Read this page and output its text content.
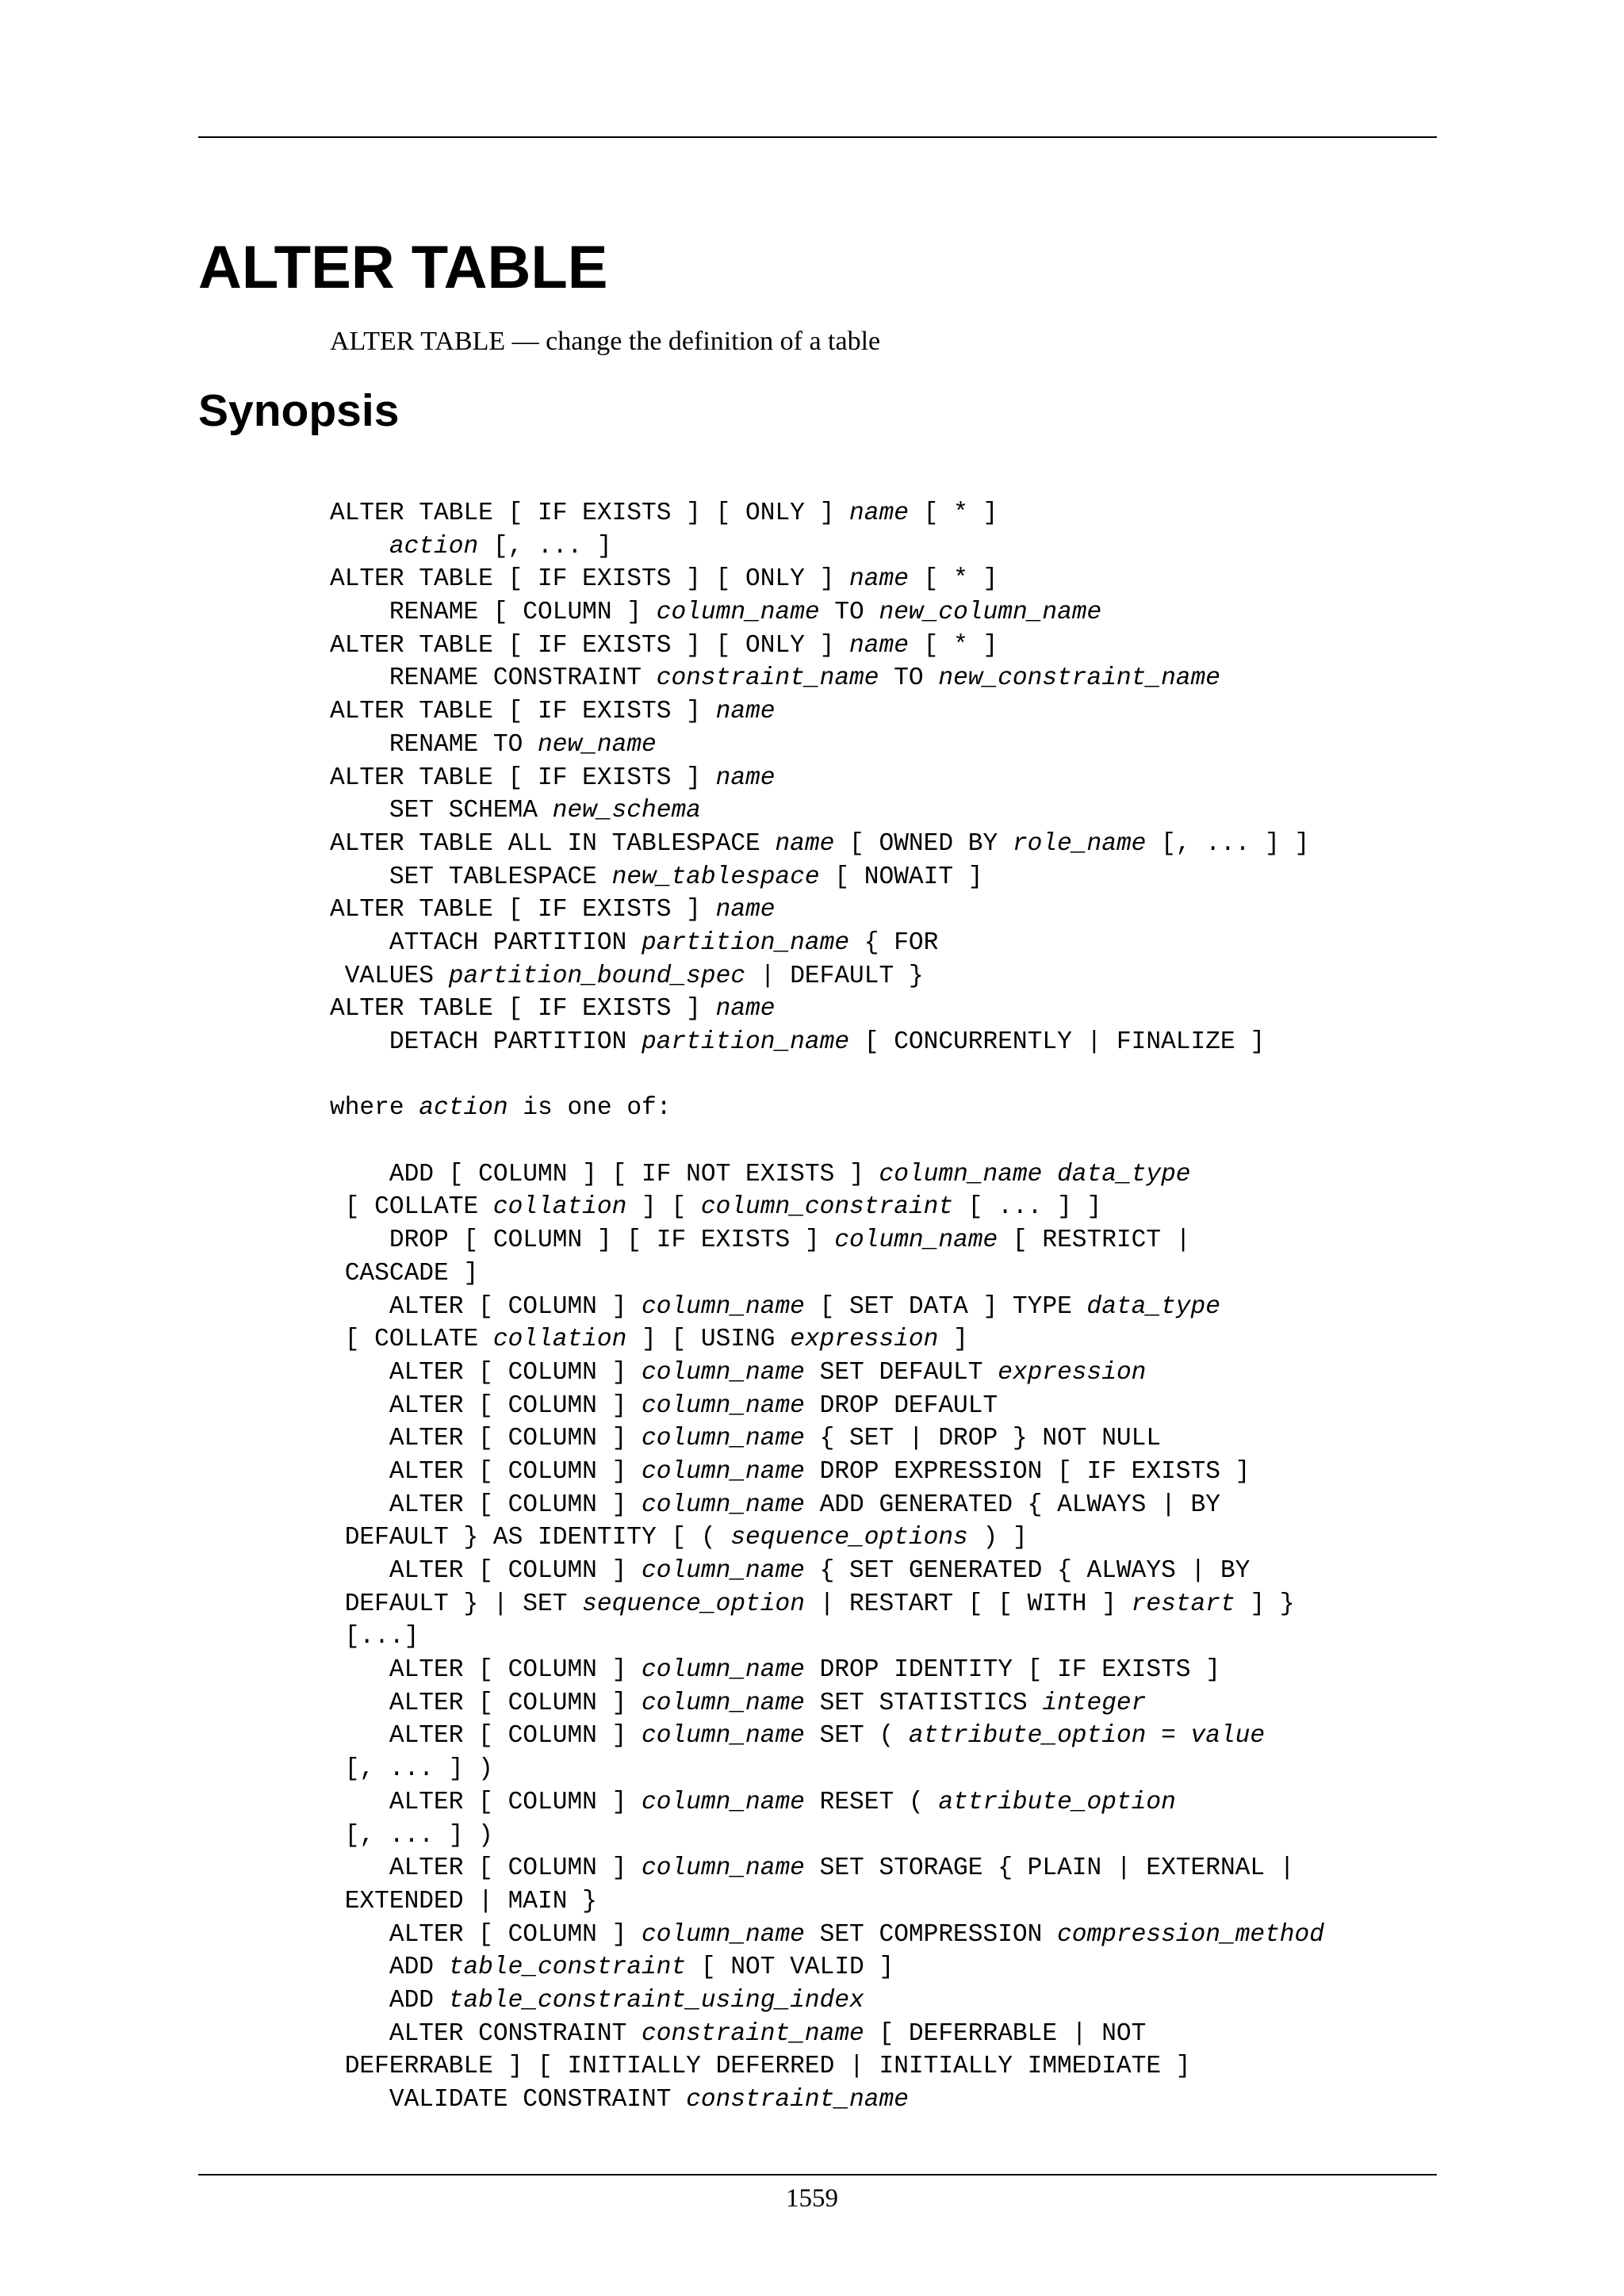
ALTER TABLE

ALTER TABLE — change the definition of a table

Synopsis
ALTER TABLE [ IF EXISTS ] [ ONLY ] name [ * ]
action [, ... ]
ALTER TABLE [ IF EXISTS ] [ ONLY ] name [ * ]
RENAME [ COLUMN ] column_name TO new_column_name
ALTER TABLE [ IF EXISTS ] [ ONLY ] name [ * ]
RENAME CONSTRAINT constraint_name TO new_constraint_name
ALTER TABLE [ IF EXISTS ] name
RENAME TO new_name
ALTER TABLE [ IF EXISTS ] name
SET SCHEMA new_schema
ALTER TABLE ALL IN TABLESPACE name [ OWNED BY role_name [, ... ] ]
SET TABLESPACE new_tablespace [ NOWAIT ]
ALTER TABLE [ IF EXISTS ] name
ATTACH PARTITION partition_name { FOR
VALUES partition_bound_spec | DEFAULT }
ALTER TABLE [ IF EXISTS ] name
DETACH PARTITION partition_name [ CONCURRENTLY | FINALIZE ]
where action is one of:
ADD [ COLUMN ] [ IF NOT EXISTS ] column_name data_type
[ COLLATE collation ] [ column_constraint [ ... ] ]
DROP [ COLUMN ] [ IF EXISTS ] column_name [ RESTRICT |
CASCADE ]
ALTER [ COLUMN ] column_name [ SET DATA ] TYPE data_type
[ COLLATE collation ] [ USING expression ]
ALTER [ COLUMN ] column_name SET DEFAULT expression
ALTER [ COLUMN ] column_name DROP DEFAULT
ALTER [ COLUMN ] column_name { SET | DROP } NOT NULL
ALTER [ COLUMN ] column_name DROP EXPRESSION [ IF EXISTS ]
ALTER [ COLUMN ] column_name ADD GENERATED { ALWAYS | BY
DEFAULT } AS IDENTITY [ ( sequence_options ) ]
ALTER [ COLUMN ] column_name { SET GENERATED { ALWAYS | BY
DEFAULT } | SET sequence_option | RESTART [ [ WITH ] restart ] }
[...]
ALTER [ COLUMN ] column_name DROP IDENTITY [ IF EXISTS ]
ALTER [ COLUMN ] column_name SET STATISTICS integer
ALTER [ COLUMN ] column_name SET ( attribute_option = value
[, ... ] )
ALTER [ COLUMN ] column_name RESET ( attribute_option
[, ... ] )
ALTER [ COLUMN ] column_name SET STORAGE { PLAIN | EXTERNAL |
EXTENDED | MAIN }
ALTER [ COLUMN ] column_name SET COMPRESSION compression_method
ADD table_constraint [ NOT VALID ]
ADD table_constraint_using_index
ALTER CONSTRAINT constraint_name [ DEFERRABLE | NOT
DEFERRABLE ] [ INITIALLY DEFERRED | INITIALLY IMMEDIATE ]
VALIDATE CONSTRAINT constraint_name

1559
